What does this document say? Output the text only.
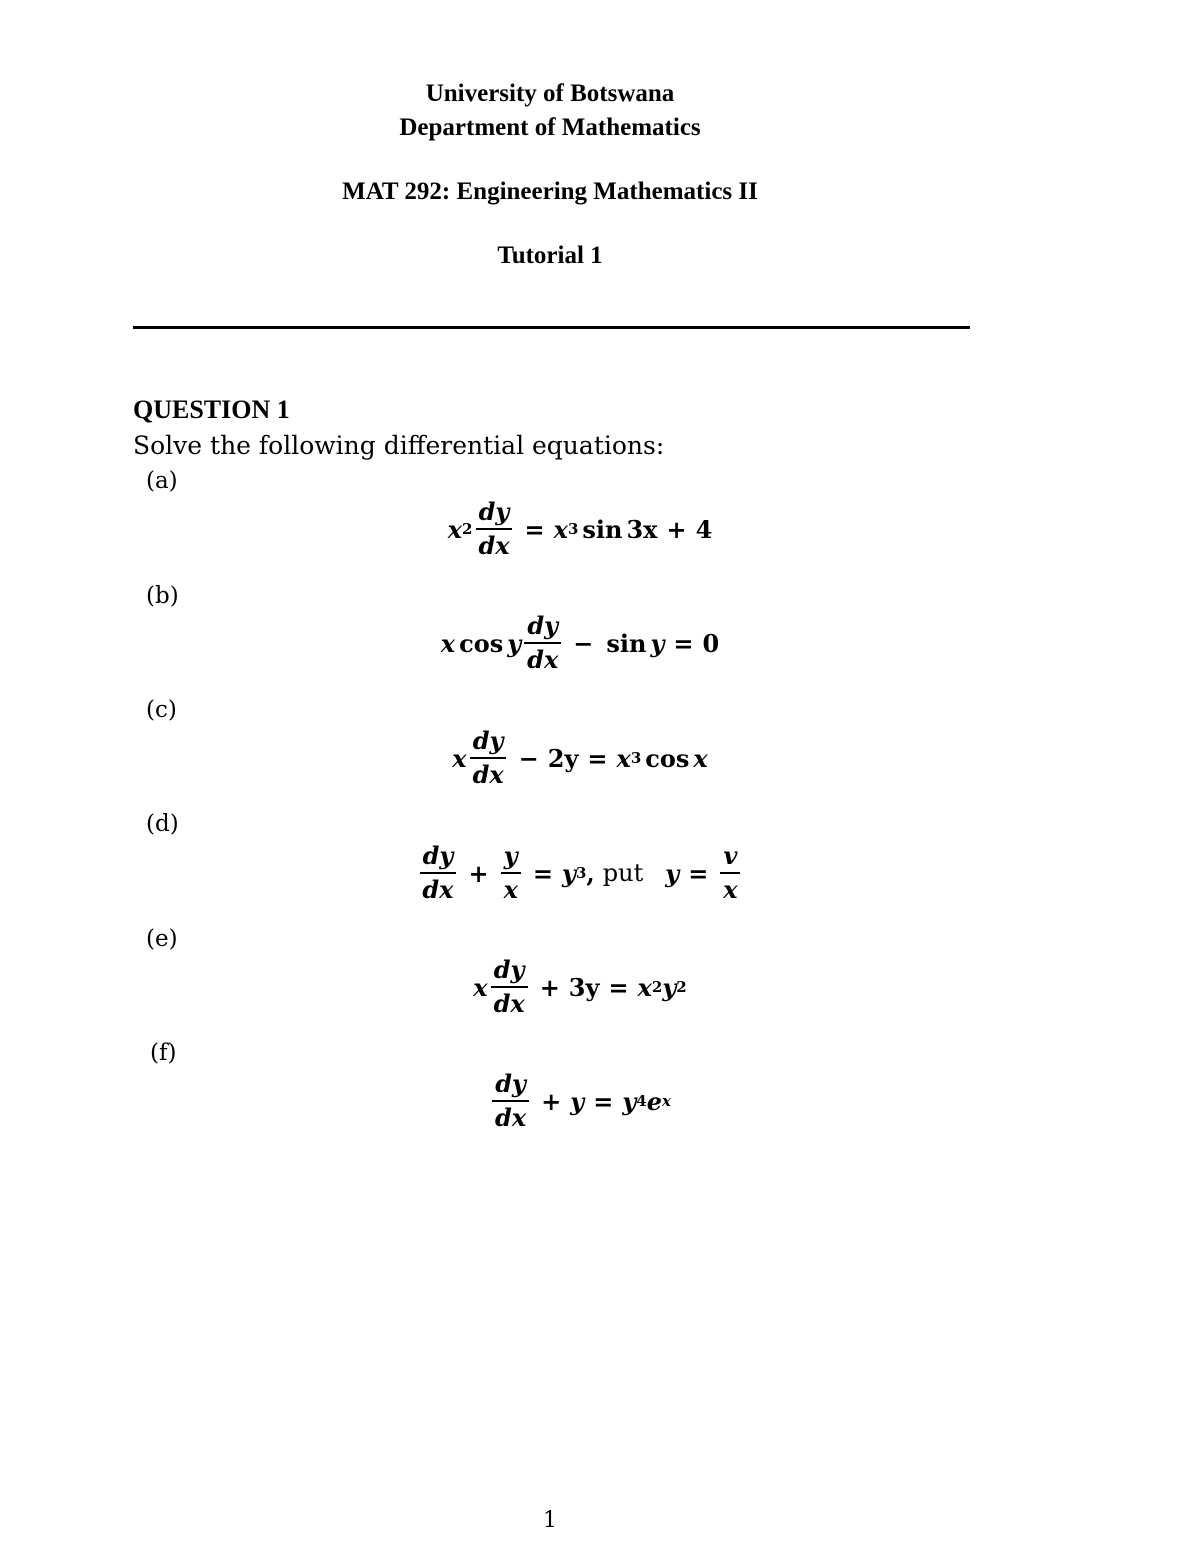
University of Botswana
Department of Mathematics
MAT 292: Engineering Mathematics II
Tutorial 1
QUESTION 1
Solve the following differential equations:
(a)
x $2 \frac{dy}{dx} = x$ 3 sin 3x + 4
(b)
x cos y $\frac{dy}{dx} - \sin y = 0$
(c)
x $\frac{dy}{dx} - 2y = x$ 3 cos x
(d)
$\frac{dy}{dx} + \frac{y}{x} = y$ 3 , put $y = \frac{v}{x}$
(e)
x $\frac{dy}{dx} + 3y = x$ 2 y 2
(f)
$\frac{dy}{dx} + y = y$ 4 e x
1
